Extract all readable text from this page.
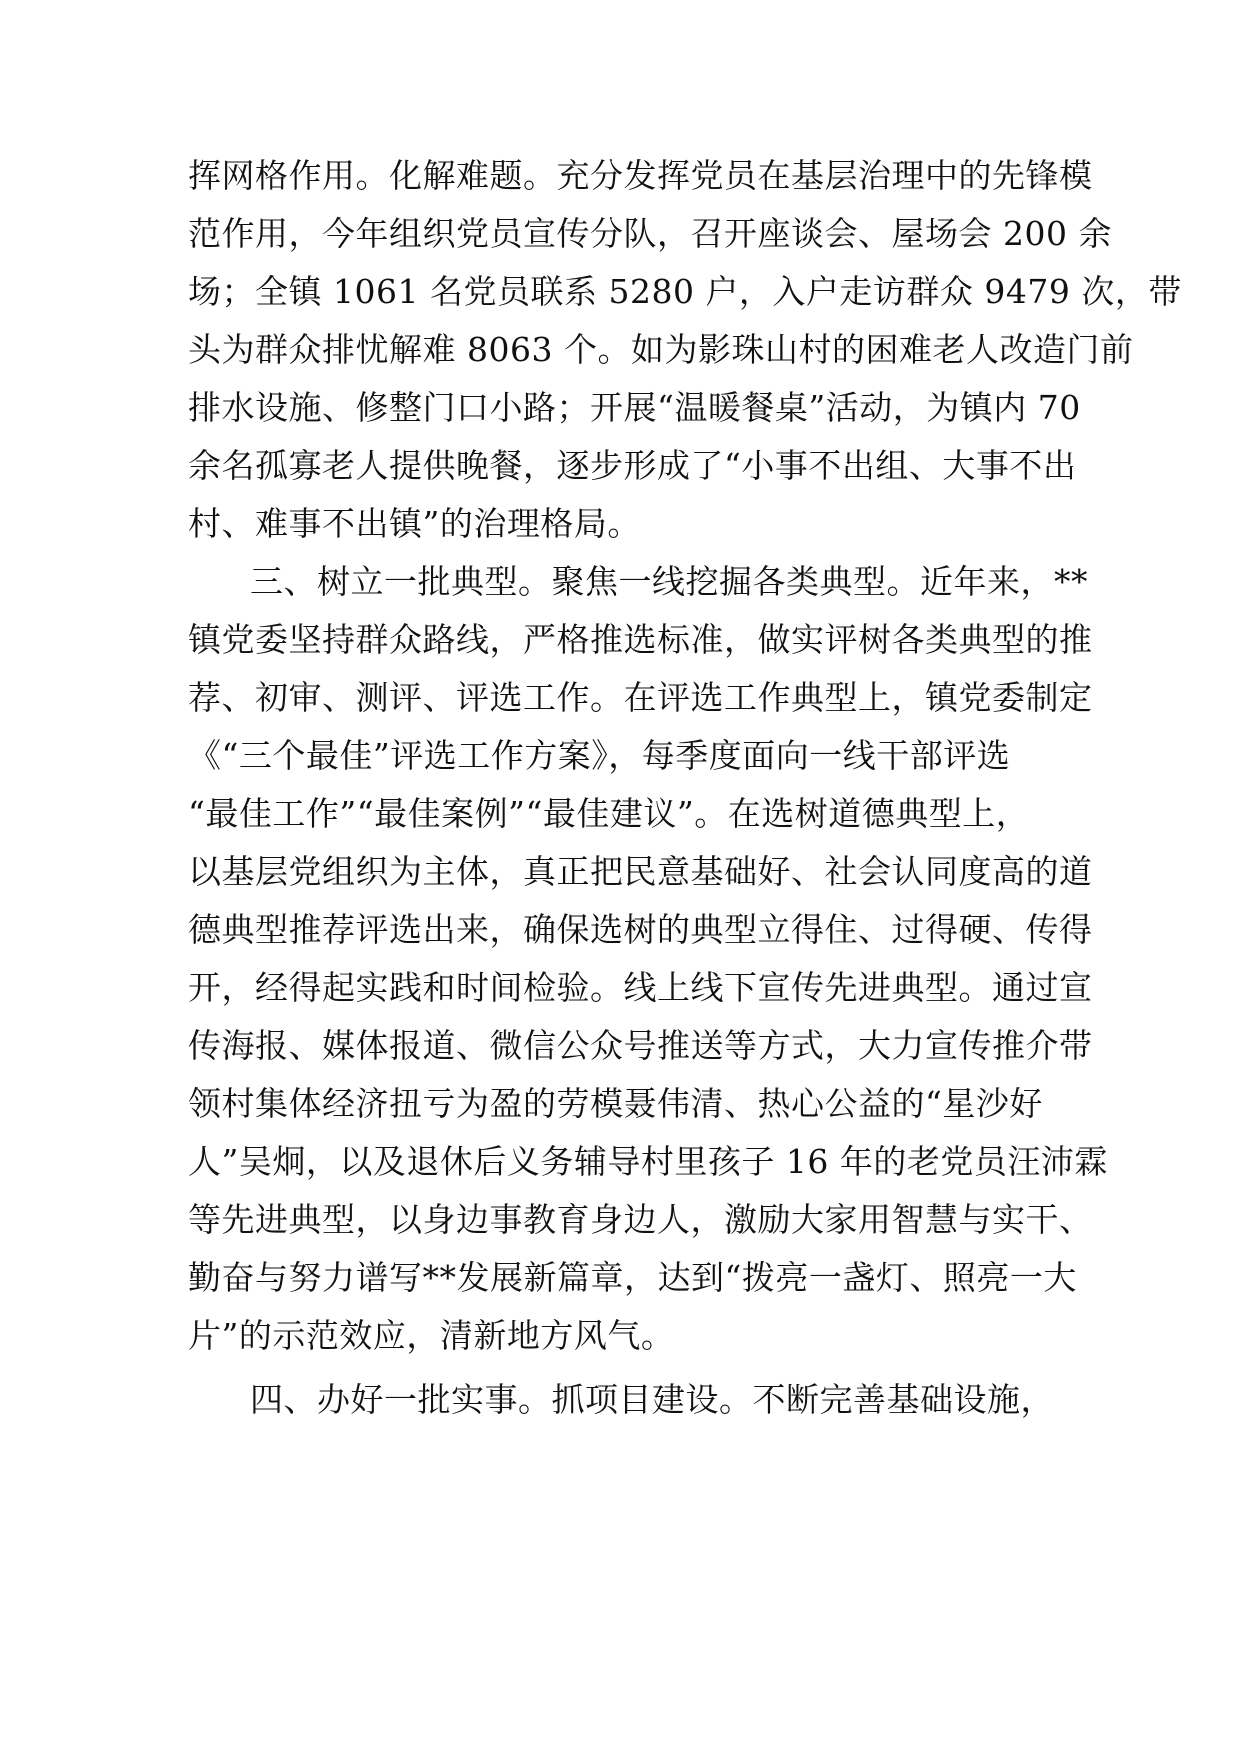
挥网格作用。化解难题。充分发挥党员在基层治理中的先锋模
范作用，今年组织党员宣传分队，召开座谈会、屋场会 200 余
场；全镇 1061 名党员联系 5280 户，入户走访群众 9479 次，带
头为群众排忧解难 8063 个。如为影珠山村的困难老人改造门前
排水设施、修整门口小路；开展“温暖餐桌”活动，为镇内 70
余名孤寡老人提供晚餐，逐步形成了“小事不出组、大事不出
村、难事不出镇”的治理格局。
三、树立一批典型。聚焦一线挖掘各类典型。近年来，**
镇党委坚持群众路线，严格推选标准，做实评树各类典型的推
荐、初审、测评、评选工作。在评选工作典型上，镇党委制定
《“三个最佳”评选工作方案》，每季度面向一线干部评选
“最佳工作”“最佳案例”“最佳建议”。在选树道德典型上，
以基层党组织为主体，真正把民意基础好、社会认同度高的道
德典型推荐评选出来，确保选树的典型立得住、过得硬、传得
开，经得起实践和时间检验。线上线下宣传先进典型。通过宣
传海报、媒体报道、微信公众号推送等方式，大力宣传推介带
领村集体经济扭亏为盈的劳模聂伟清、热心公益的“星沙好
人”吴炯，以及退休后义务辅导村里孩子 16 年的老党员汪沛霖
等先进典型，以身边事教育身边人，激励大家用智慧与实干、
勤奋与努力谱写**发展新篇章，达到“拨亮一盏灯、照亮一大
片”的示范效应，清新地方风气。
四、办好一批实事。抓项目建设。不断完善基础设施，
